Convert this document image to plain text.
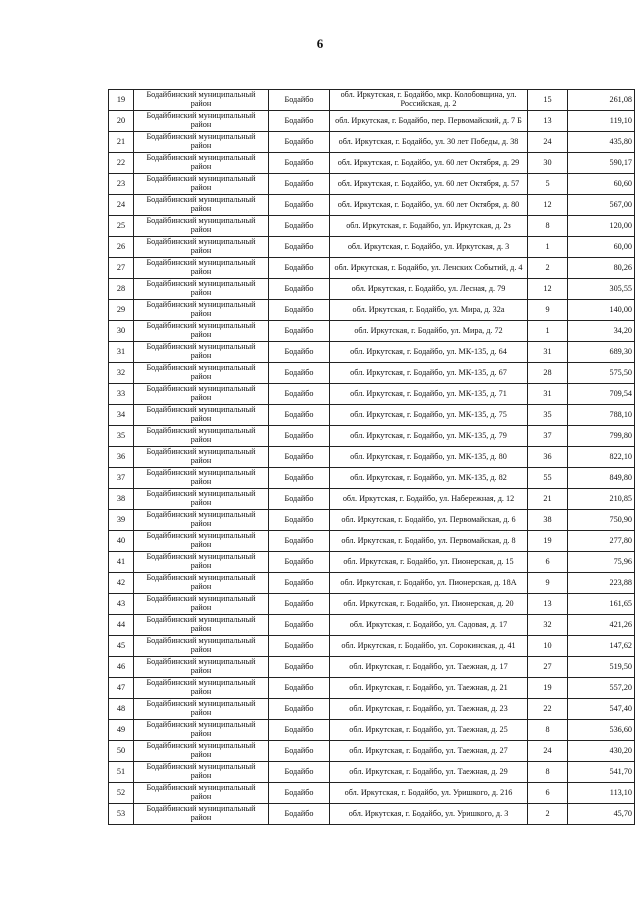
6
19	Бодайбинский муниципальный район	Бодайбо	обл. Иркутская, г. Бодайбо, мкр. Колобовщина, ул. Российская, д. 2	15	261,08
20	Бодайбинский муниципальный район	Бодайбо	обл. Иркутская, г. Бодайбо, пер. Первомайский, д. 7 Б	13	119,10
21	Бодайбинский муниципальный район	Бодайбо	обл. Иркутская, г. Бодайбо, ул. 30 лет Победы, д. 38	24	435,80
22	Бодайбинский муниципальный район	Бодайбо	обл. Иркутская, г. Бодайбо, ул. 60 лет Октября, д. 29	30	590,17
23	Бодайбинский муниципальный район	Бодайбо	обл. Иркутская, г. Бодайбо, ул. 60 лет Октября, д. 57	5	60,60
24	Бодайбинский муниципальный район	Бодайбо	обл. Иркутская, г. Бодайбо, ул. 60 лет Октября, д. 80	12	567,00
25	Бодайбинский муниципальный район	Бодайбо	обл. Иркутская, г. Бодайбо, ул. Иркутская, д. 2з	8	120,00
26	Бодайбинский муниципальный район	Бодайбо	обл. Иркутская, г. Бодайбо, ул. Иркутская, д. 3	1	60,00
27	Бодайбинский муниципальный район	Бодайбо	обл. Иркутская, г. Бодайбо, ул. Ленских Событий, д. 4	2	80,26
28	Бодайбинский муниципальный район	Бодайбо	обл. Иркутская, г. Бодайбо, ул. Лесная, д. 79	12	305,55
29	Бодайбинский муниципальный район	Бодайбо	обл. Иркутская, г. Бодайбо, ул. Мира, д. 32а	9	140,00
30	Бодайбинский муниципальный район	Бодайбо	обл. Иркутская, г. Бодайбо, ул. Мира, д. 72	1	34,20
31	Бодайбинский муниципальный район	Бодайбо	обл. Иркутская, г. Бодайбо, ул. МК-135, д. 64	31	689,30
32	Бодайбинский муниципальный район	Бодайбо	обл. Иркутская, г. Бодайбо, ул. МК-135, д. 67	28	575,50
33	Бодайбинский муниципальный район	Бодайбо	обл. Иркутская, г. Бодайбо, ул. МК-135, д. 71	31	709,54
34	Бодайбинский муниципальный район	Бодайбо	обл. Иркутская, г. Бодайбо, ул. МК-135, д. 75	35	788,10
35	Бодайбинский муниципальный район	Бодайбо	обл. Иркутская, г. Бодайбо, ул. МК-135, д. 79	37	799,80
36	Бодайбинский муниципальный район	Бодайбо	обл. Иркутская, г. Бодайбо, ул. МК-135, д. 80	36	822,10
37	Бодайбинский муниципальный район	Бодайбо	обл. Иркутская, г. Бодайбо, ул. МК-135, д. 82	55	849,80
38	Бодайбинский муниципальный район	Бодайбо	обл. Иркутская, г. Бодайбо, ул. Набережная, д. 12	21	210,85
39	Бодайбинский муниципальный район	Бодайбо	обл. Иркутская, г. Бодайбо, ул. Первомайская, д. 6	38	750,90
40	Бодайбинский муниципальный район	Бодайбо	обл. Иркутская, г. Бодайбо, ул. Первомайская, д. 8	19	277,80
41	Бодайбинский муниципальный район	Бодайбо	обл. Иркутская, г. Бодайбо, ул. Пионерская, д. 15	6	75,96
42	Бодайбинский муниципальный район	Бодайбо	обл. Иркутская, г. Бодайбо, ул. Пионерская, д. 18А	9	223,88
43	Бодайбинский муниципальный район	Бодайбо	обл. Иркутская, г. Бодайбо, ул. Пионерская, д. 20	13	161,65
44	Бодайбинский муниципальный район	Бодайбо	обл. Иркутская, г. Бодайбо, ул. Садовая, д. 17	32	421,26
45	Бодайбинский муниципальный район	Бодайбо	обл. Иркутская, г. Бодайбо, ул. Сорокинская, д. 41	10	147,62
46	Бодайбинский муниципальный район	Бодайбо	обл. Иркутская, г. Бодайбо, ул. Таежная, д. 17	27	519,50
47	Бодайбинский муниципальный район	Бодайбо	обл. Иркутская, г. Бодайбо, ул. Таежная, д. 21	19	557,20
48	Бодайбинский муниципальный район	Бодайбо	обл. Иркутская, г. Бодайбо, ул. Таежная, д. 23	22	547,40
49	Бодайбинский муниципальный район	Бодайбо	обл. Иркутская, г. Бодайбо, ул. Таежная, д. 25	8	536,60
50	Бодайбинский муниципальный район	Бодайбо	обл. Иркутская, г. Бодайбо, ул. Таежная, д. 27	24	430,20
51	Бодайбинский муниципальный район	Бодайбо	обл. Иркутская, г. Бодайбо, ул. Таежная, д. 29	8	541,70
52	Бодайбинский муниципальный район	Бодайбо	обл. Иркутская, г. Бодайбо, ул. Уришкого, д. 216	6	113,10
53	Бодайбинский муниципальный район	Бодайбо	обл. Иркутская, г. Бодайбо, ул. Уришкого, д. 3	2	45,70
